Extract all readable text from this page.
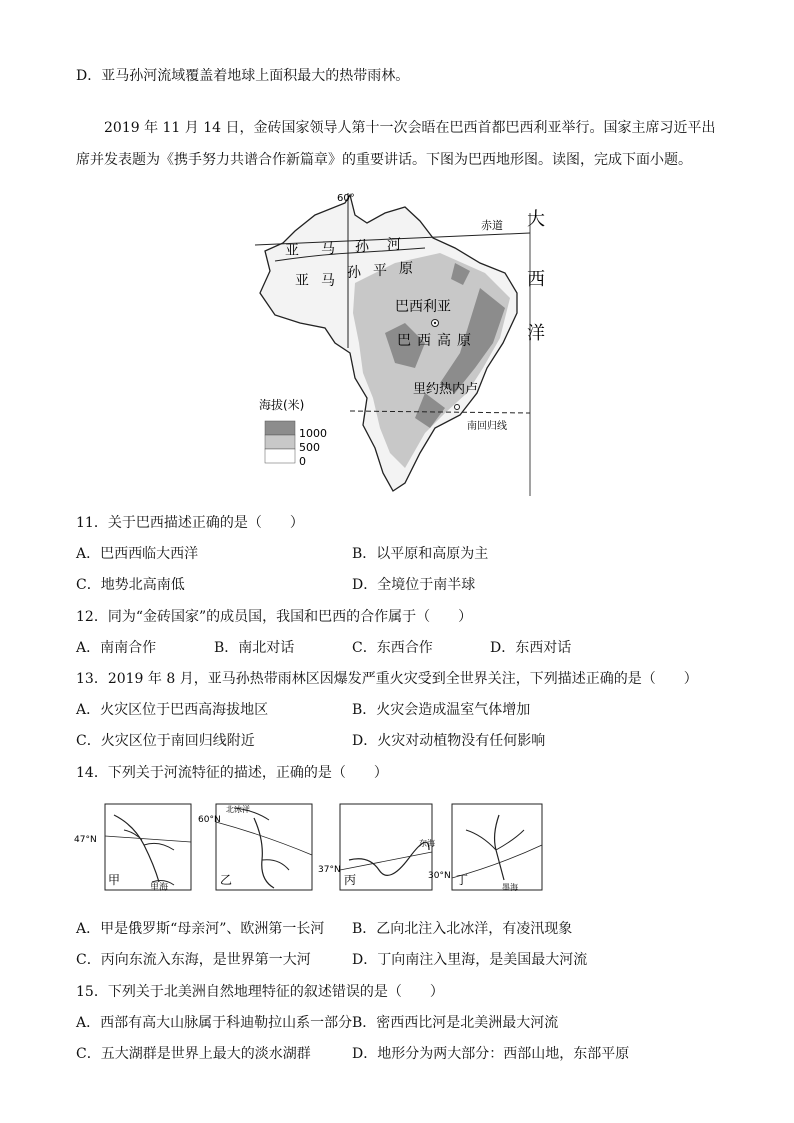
D．亚马孙河流域覆盖着地球上面积最大的热带雨林。
2019 年 11 月 14 日，金砖国家领导人第十一次会晤在巴西首都巴西利亚举行。国家主席习近平出席并发表题为《携手努力共谱合作新篇章》的重要讲话。下图为巴西地形图。读图，完成下面小题。
60°
赤道
亚 马 孙 河
亚 马 孙 平 原
大
西
洋
巴西利亚
巴 西 高 原
里约热内卢
南回归线
海拔(米)
1000
500
0
11．关于巴西描述正确的是（　　）
A．巴西西临大西洋	B．以平原和高原为主
C．地势北高南低	D．全境位于南半球
12．同为“金砖国家”的成员国，我国和巴西的合作属于（　　）
A．南南合作	B．南北对话	C．东西合作	D．东西对话
13．2019 年 8 月，亚马孙热带雨林区因爆发严重火灾受到全世界关注，下列描述正确的是（　　）
A．火灾区位于巴西高海拔地区	B．火灾会造成温室气体增加
C．火灾区位于南回归线附近	D．火灾对动植物没有任何影响
14．下列关于河流特征的描述，正确的是（　　）
甲
里海
47°N
乙
北冰洋
60°N
丙
东海
37°N
丁
墨海
30°N
A．甲是俄罗斯“母亲河”、欧洲第一长河 B．乙向北注入北冰洋，有凌汛现象
C．丙向东流入东海，是世界第一大河	D．丁向南注入里海，是美国最大河流
15．下列关于北美洲自然地理特征的叙述错误的是（　　）
A．西部有高大山脉属于科迪勒拉山系一部分 B．密西西比河是北美洲最大河流
C．五大湖群是世界上最大的淡水湖群	D．地形分为两大部分：西部山地，东部平原
